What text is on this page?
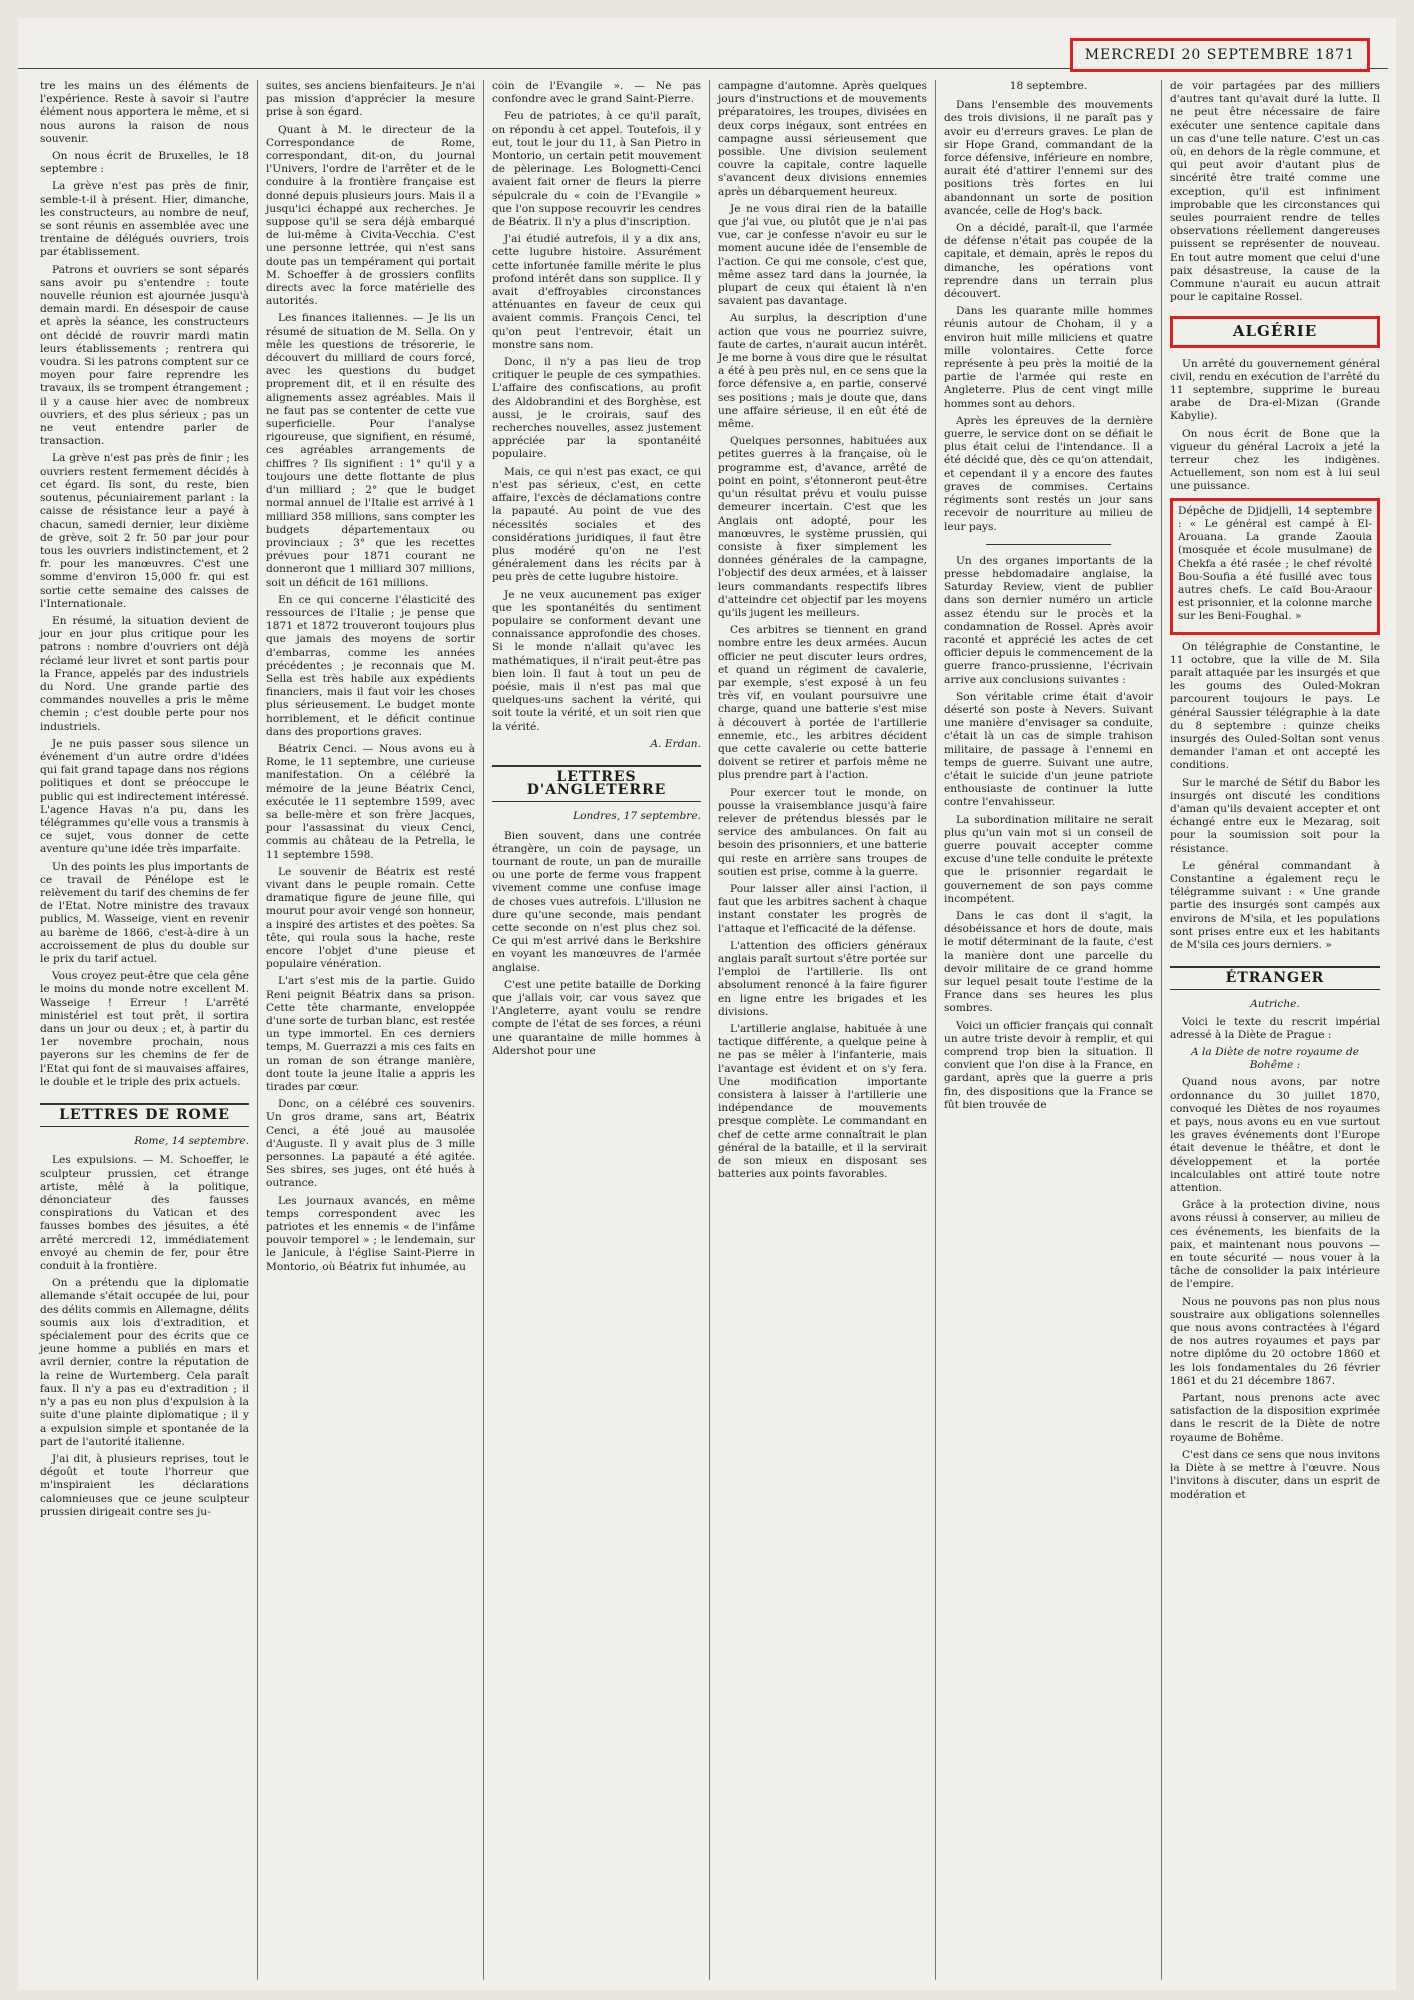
MERCREDI 20 SEPTEMBRE 1871

tre les mains un des éléments de l'expérience. Reste à savoir si l'autre élément nous apportera le même, et si nous aurons la raison de nous souvenir.

On nous écrit de Bruxelles, le 18 septembre :

La grève n'est pas près de finir, semble-t-il à présent. Hier, dimanche, les constructeurs, au nombre de neuf, se sont réunis en assemblée avec une trentaine de délégués ouvriers, trois par établissement.

Patrons et ouvriers se sont séparés sans avoir pu s'entendre : toute nouvelle réunion est ajournée jusqu'à demain mardi. En désespoir de cause et après la séance, les constructeurs ont décidé de rouvrir mardi matin leurs établissements ; rentrera qui voudra. Si les patrons comptent sur ce moyen pour faire reprendre les travaux, ils se trompent étrangement ; il y a cause hier avec de nombreux ouvriers, et des plus sérieux ; pas un ne veut entendre parler de transaction.

La grève n'est pas près de finir ; les ouvriers restent fermement décidés à cet égard. Ils sont, du reste, bien soutenus, pécuniairement parlant : la caisse de résistance leur a payé à chacun, samedi dernier, leur dixième de grève, soit 2 fr. 50 par jour pour tous les ouvriers indistinctement, et 2 fr. pour les manœuvres. C'est une somme d'environ 15,000 fr. qui est sortie cette semaine des caisses de l'Internationale.

En résumé, la situation devient de jour en jour plus critique pour les patrons : nombre d'ouvriers ont déjà réclamé leur livret et sont partis pour la France, appelés par des industriels du Nord. Une grande partie des commandes nouvelles a pris le même chemin ; c'est double perte pour nos industriels.

Je ne puis passer sous silence un événement d'un autre ordre d'idées qui fait grand tapage dans nos régions politiques et dont se préoccupe le public qui est indirectement intéressé. L'agence Havas n'a pu, dans les télégrammes qu'elle vous a transmis à ce sujet, vous donner de cette aventure qu'une idée très imparfaite.

Un des points les plus importants de ce travail de Pénélope est le relèvement du tarif des chemins de fer de l'Etat. Notre ministre des travaux publics, M. Wasseige, vient en revenir au barème de 1866, c'est-à-dire à un accroissement de plus du double sur le prix du tarif actuel.

Vous croyez peut-être que cela gêne le moins du monde notre excellent M. Wasseige ! Erreur ! L'arrêté ministériel est tout prêt, il sortira dans un jour ou deux ; et, à partir du 1er novembre prochain, nous payerons sur les chemins de fer de l'Etat qui font de si mauvaises affaires, le double et le triple des prix actuels.

LETTRES DE ROME

Rome, 14 septembre.

Les expulsions. — M. Schoeffer, le sculpteur prussien, cet étrange artiste, mêlé à la politique, dénonciateur des fausses conspirations du Vatican et des fausses bombes des jésuites, a été arrêté mercredi 12, immédiatement envoyé au chemin de fer, pour être conduit à la frontière.

On a prétendu que la diplomatie allemande s'était occupée de lui, pour des délits commis en Allemagne, délits soumis aux lois d'extradition, et spécialement pour des écrits que ce jeune homme a publiés en mars et avril dernier, contre la réputation de la reine de Wurtemberg. Cela paraît faux. Il n'y a pas eu d'extradition ; il n'y a pas eu non plus d'expulsion à la suite d'une plainte diplomatique ; il y a expulsion simple et spontanée de la part de l'autorité italienne.

J'ai dit, à plusieurs reprises, tout le dégoût et toute l'horreur que m'inspiraient les déclarations calomnieuses que ce jeune sculpteur prussien dirigeait contre ses ju-

suites, ses anciens bienfaiteurs. Je n'ai pas mission d'apprécier la mesure prise à son égard.

Quant à M. le directeur de la Correspondance de Rome, correspondant, dit-on, du journal l'Univers, l'ordre de l'arrêter et de le conduire à la frontière française est donné depuis plusieurs jours. Mais il a jusqu'ici échappé aux recherches. Je suppose qu'il se sera déjà embarqué de lui-même à Civita-Vecchia. C'est une personne lettrée, qui n'est sans doute pas un tempérament qui portait M. Schoeffer à de grossiers conflits directs avec la force matérielle des autorités.

Les finances italiennes. — Je lis un résumé de situation de M. Sella. On y mêle les questions de trésorerie, le découvert du milliard de cours forcé, avec les questions du budget proprement dit, et il en résulte des alignements assez agréables. Mais il ne faut pas se contenter de cette vue superficielle. Pour l'analyse rigoureuse, que signifient, en résumé, ces agréables arrangements de chiffres ? Ils signifient : 1° qu'il y a toujours une dette flottante de plus d'un milliard ; 2° que le budget normal annuel de l'Italie est arrivé à 1 milliard 358 millions, sans compter les budgets départementaux ou provinciaux ; 3° que les recettes prévues pour 1871 courant ne donneront que 1 milliard 307 millions, soit un déficit de 161 millions.

En ce qui concerne l'élasticité des ressources de l'Italie ; je pense que 1871 et 1872 trouveront toujours plus que jamais des moyens de sortir d'embarras, comme les années précédentes ; je reconnais que M. Sella est très habile aux expédients financiers, mais il faut voir les choses plus sérieusement. Le budget monte horriblement, et le déficit continue dans des proportions graves.

Béatrix Cenci. — Nous avons eu à Rome, le 11 septembre, une curieuse manifestation. On a célébré la mémoire de la jeune Béatrix Cenci, exécutée le 11 septembre 1599, avec sa belle-mère et son frère Jacques, pour l'assassinat du vieux Cenci, commis au château de la Petrella, le 11 septembre 1598.

Le souvenir de Béatrix est resté vivant dans le peuple romain. Cette dramatique figure de jeune fille, qui mourut pour avoir vengé son honneur, a inspiré des artistes et des poètes. Sa tête, qui roula sous la hache, reste encore l'objet d'une pieuse et populaire vénération.

L'art s'est mis de la partie. Guido Reni peignit Béatrix dans sa prison. Cette tête charmante, enveloppée d'une sorte de turban blanc, est restée un type immortel. En ces derniers temps, M. Guerrazzi a mis ces faits en un roman de son étrange manière, dont toute la jeune Italie a appris les tirades par cœur.

Donc, on a célébré ces souvenirs. Un gros drame, sans art, Béatrix Cenci, a été joué au mausolée d'Auguste. Il y avait plus de 3 mille personnes. La papauté a été agitée. Ses sbires, ses juges, ont été hués à outrance.

Les journaux avancés, en même temps correspondent avec les patriotes et les ennemis « de l'infâme pouvoir temporel » ; le lendemain, sur le Janicule, à l'église Saint-Pierre in Montorio, où Béatrix fut inhumée, au

coin de l'Evangile ». — Ne pas confondre avec le grand Saint-Pierre.

Feu de patriotes, à ce qu'il paraît, on répondu à cet appel. Toutefois, il y eut, tout le jour du 11, à San Pietro in Montorio, un certain petit mouvement de pèlerinage. Les Bolognetti-Cenci avaient fait orner de fleurs la pierre sépulcrale du « coin de l'Evangile » que l'on suppose recouvrir les cendres de Béatrix. Il n'y a plus d'inscription.

J'ai étudié autrefois, il y a dix ans, cette lugubre histoire. Assurément cette infortunée famille mérite le plus profond intérêt dans son supplice. Il y avait d'effroyables circonstances atténuantes en faveur de ceux qui avaient commis. François Cenci, tel qu'on peut l'entrevoir, était un monstre sans nom.

Donc, il n'y a pas lieu de trop critiquer le peuple de ces sympathies. L'affaire des confiscations, au profit des Aldobrandini et des Borghèse, est aussi, je le croirais, sauf des recherches nouvelles, assez justement appréciée par la spontanéité populaire.

Mais, ce qui n'est pas exact, ce qui n'est pas sérieux, c'est, en cette affaire, l'excès de déclamations contre la papauté. Au point de vue des nécessités sociales et des considérations juridiques, il faut être plus modéré qu'on ne l'est généralement dans les récits par à peu près de cette lugubre histoire.

Je ne veux aucunement pas exiger que les spontanéités du sentiment populaire se conforment devant une connaissance approfondie des choses. Si le monde n'allait qu'avec les mathématiques, il n'irait peut-être pas bien loin. Il faut à tout un peu de poésie, mais il n'est pas mal que quelques-uns sachent la vérité, qui soit toute la vérité, et un soit rien que la vérité.

A. Erdan.

LETTRES D'ANGLETERRE

Londres, 17 septembre.

Bien souvent, dans une contrée étrangère, un coin de paysage, un tournant de route, un pan de muraille ou une porte de ferme vous frappent vivement comme une confuse image de choses vues autrefois. L'illusion ne dure qu'une seconde, mais pendant cette seconde on n'est plus chez soi. Ce qui m'est arrivé dans le Berkshire en voyant les manœuvres de l'armée anglaise.

C'est une petite bataille de Dorking que j'allais voir, car vous savez que l'Angleterre, ayant voulu se rendre compte de l'état de ses forces, a réuni une quarantaine de mille hommes à Aldershot pour une

campagne d'automne. Après quelques jours d'instructions et de mouvements préparatoires, les troupes, divisées en deux corps inégaux, sont entrées en campagne aussi sérieusement que possible. Une division seulement couvre la capitale, contre laquelle s'avancent deux divisions ennemies après un débarquement heureux.

Je ne vous dirai rien de la bataille que j'ai vue, ou plutôt que je n'ai pas vue, car je confesse n'avoir eu sur le moment aucune idée de l'ensemble de l'action. Ce qui me console, c'est que, même assez tard dans la journée, la plupart de ceux qui étaient là n'en savaient pas davantage.

Au surplus, la description d'une action que vous ne pourriez suivre, faute de cartes, n'aurait aucun intérêt. Je me borne à vous dire que le résultat a été à peu près nul, en ce sens que la force défensive a, en partie, conservé ses positions ; mais je doute que, dans une affaire sérieuse, il en eût été de même.

Quelques personnes, habituées aux petites guerres à la française, où le programme est, d'avance, arrêté de point en point, s'étonneront peut-être qu'un résultat prévu et voulu puisse demeurer incertain. C'est que les Anglais ont adopté, pour les manœuvres, le système prussien, qui consiste à fixer simplement les données générales de la campagne, l'objectif des deux armées, et à laisser leurs commandants respectifs libres d'atteindre cet objectif par les moyens qu'ils jugent les meilleurs.

Ces arbitres se tiennent en grand nombre entre les deux armées. Aucun officier ne peut discuter leurs ordres, et quand un régiment de cavalerie, par exemple, s'est exposé à un feu très vif, en voulant poursuivre une charge, quand une batterie s'est mise à découvert à portée de l'artillerie ennemie, etc., les arbitres décident que cette cavalerie ou cette batterie doivent se retirer et parfois même ne plus prendre part à l'action.

Pour exercer tout le monde, on pousse la vraisemblance jusqu'à faire relever de prétendus blessés par le service des ambulances. On fait au besoin des prisonniers, et une batterie qui reste en arrière sans troupes de soutien est prise, comme à la guerre.

Pour laisser aller ainsi l'action, il faut que les arbitres sachent à chaque instant constater les progrès de l'attaque et l'efficacité de la défense.

L'attention des officiers généraux anglais paraît surtout s'être portée sur l'emploi de l'artillerie. Ils ont absolument renoncé à la faire figurer en ligne entre les brigades et les divisions.

L'artillerie anglaise, habituée à une tactique différente, a quelque peine à ne pas se mêler à l'infanterie, mais l'avantage est évident et on s'y fera. Une modification importante consistera à laisser à l'artillerie une indépendance de mouvements presque complète. Le commandant en chef de cette arme connaîtrait le plan général de la bataille, et il la servirait de son mieux en disposant ses batteries aux points favorables.

18 septembre.

Dans l'ensemble des mouvements des trois divisions, il ne paraît pas y avoir eu d'erreurs graves. Le plan de sir Hope Grand, commandant de la force défensive, inférieure en nombre, aurait été d'attirer l'ennemi sur des positions très fortes en lui abandonnant un sorte de position avancée, celle de Hog's back.

On a décidé, paraît-il, que l'armée de défense n'était pas coupée de la capitale, et demain, après le repos du dimanche, les opérations vont reprendre dans un terrain plus découvert.

Dans les quarante mille hommes réunis autour de Choham, il y a environ huit mille miliciens et quatre mille volontaires. Cette force représente à peu près la moitié de la partie de l'armée qui reste en Angleterre. Plus de cent vingt mille hommes sont au dehors.

Après les épreuves de la dernière guerre, le service dont on se défiait le plus était celui de l'intendance. Il a été décidé que, dès ce qu'on attendait, et cependant il y a encore des fautes graves de commises. Certains régiments sont restés un jour sans recevoir de nourriture au milieu de leur pays.

Un des organes importants de la presse hebdomadaire anglaise, la Saturday Review, vient de publier dans son dernier numéro un article assez étendu sur le procès et la condamnation de Rossel. Après avoir raconté et apprécié les actes de cet officier depuis le commencement de la guerre franco-prussienne, l'écrivain arrive aux conclusions suivantes :

Son véritable crime était d'avoir déserté son poste à Nevers. Suivant une manière d'envisager sa conduite, c'était là un cas de simple trahison militaire, de passage à l'ennemi en temps de guerre. Suivant une autre, c'était le suicide d'un jeune patriote enthousiaste de continuer la lutte contre l'envahisseur.

La subordination militaire ne serait plus qu'un vain mot si un conseil de guerre pouvait accepter comme excuse d'une telle conduite le prétexte que le prisonnier regardait le gouvernement de son pays comme incompétent.

Dans le cas dont il s'agit, la désobéissance et hors de doute, mais le motif déterminant de la faute, c'est la manière dont une parcelle du devoir militaire de ce grand homme sur lequel pesait toute l'estime de la France dans ses heures les plus sombres.

Voici un officier français qui connaît un autre triste devoir à remplir, et qui comprend trop bien la situation. Il convient que l'on dise à la France, en gardant, après que la guerre a pris fin, des dispositions que la France se fût bien trouvée de

de voir partagées par des milliers d'autres tant qu'avait duré la lutte. Il ne peut être nécessaire de faire exécuter une sentence capitale dans un cas d'une telle nature. C'est un cas où, en dehors de la règle commune, et qui peut avoir d'autant plus de sincérité être traité comme une exception, qu'il est infiniment improbable que les circonstances qui seules pourraient rendre de telles observations réellement dangereuses puissent se représenter de nouveau. En tout autre moment que celui d'une paix désastreuse, la cause de la Commune n'aurait eu aucun attrait pour le capitaine Rossel.

ALGÉRIE

Un arrêté du gouvernement général civil, rendu en exécution de l'arrêté du 11 septembre, supprime le bureau arabe de Dra-el-Mizan (Grande Kabylie).

On nous écrit de Bone que la vigueur du général Lacroix a jeté la terreur chez les indigènes. Actuellement, son nom est à lui seul une puissance.

Dépêche de Djidjelli, 14 septembre : « Le général est campé à El-Arouana. La grande Zaouia (mosquée et école musulmane) de Chekfa a été rasée ; le chef révolté Bou-Soufia a été fusillé avec tous autres chefs. Le caïd Bou-Araour est prisonnier, et la colonne marche sur les Beni-Foughal. »

On télégraphie de Constantine, le 11 octobre, que la ville de M. Sila paraît attaquée par les insurgés et que les goums des Ouled-Mokran parcourent toujours le pays. Le général Saussier télégraphie à la date du 8 septembre : quinze cheiks insurgés des Ouled-Soltan sont venus demander l'aman et ont accepté les conditions.

Sur le marché de Sétif du Babor les insurgés ont discuté les conditions d'aman qu'ils devaient accepter et ont échangé entre eux le Mezarag, soit pour la soumission soit pour la résistance.

Le général commandant à Constantine a également reçu le télégramme suivant : « Une grande partie des insurgés sont campés aux environs de M'sila, et les populations sont prises entre eux et les habitants de M'sila ces jours derniers. »

ÉTRANGER

Autriche.

Voici le texte du rescrit impérial adressé à la Diète de Prague :

A la Diète de notre royaume de Bohême :

Quand nous avons, par notre ordonnance du 30 juillet 1870, convoqué les Diètes de nos royaumes et pays, nous avons eu en vue surtout les graves événements dont l'Europe était devenue le théâtre, et dont le développement et la portée incalculables ont attiré toute notre attention.

Grâce à la protection divine, nous avons réussi à conserver, au milieu de ces événements, les bienfaits de la paix, et maintenant nous pouvons — en toute sécurité — nous vouer à la tâche de consolider la paix intérieure de l'empire.

Nous ne pouvons pas non plus nous soustraire aux obligations solennelles que nous avons contractées à l'égard de nos autres royaumes et pays par notre diplôme du 20 octobre 1860 et les lois fondamentales du 26 février 1861 et du 21 décembre 1867.

Partant, nous prenons acte avec satisfaction de la disposition exprimée dans le rescrit de la Diète de notre royaume de Bohême.

C'est dans ce sens que nous invitons la Diète à se mettre à l'œuvre. Nous l'invitons à discuter, dans un esprit de modération et
